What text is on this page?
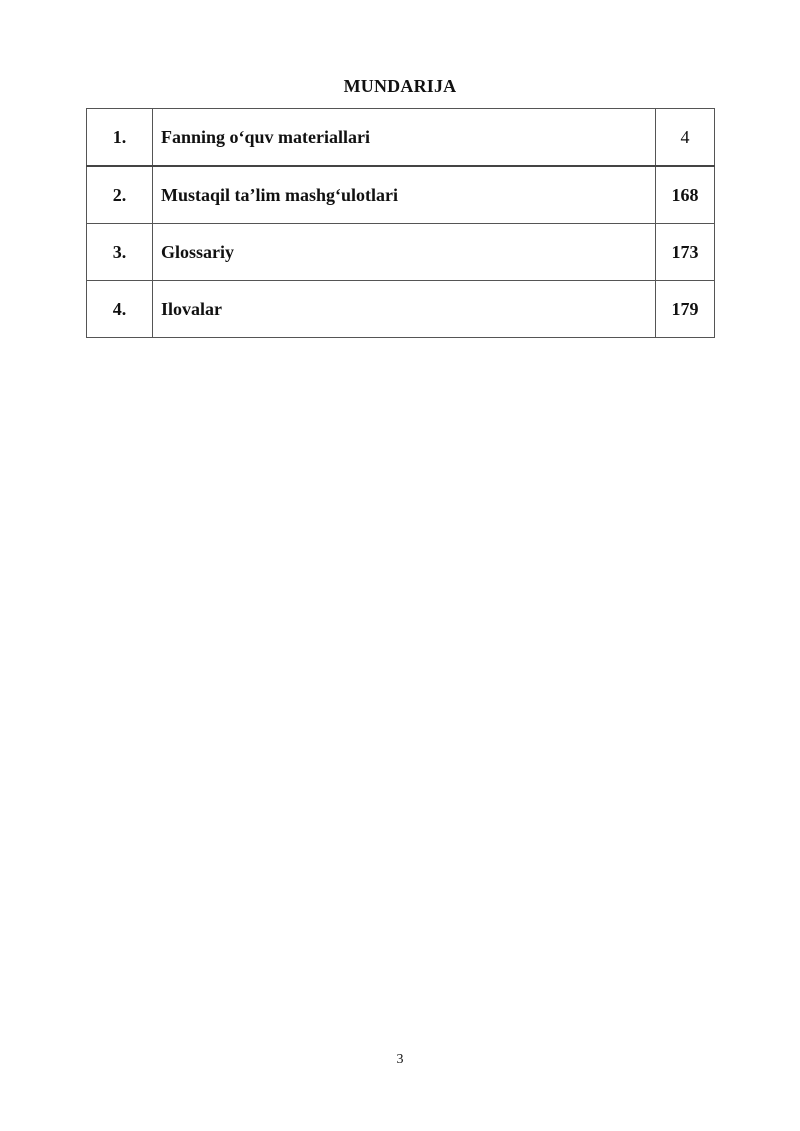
MUNDARIJA
1.	Fanning o‘quv materiallari	4
2.	Mustaqil ta’lim mashg‘ulotlari	168
3.	Glossariy	173
4.	Ilovalar	179
3
